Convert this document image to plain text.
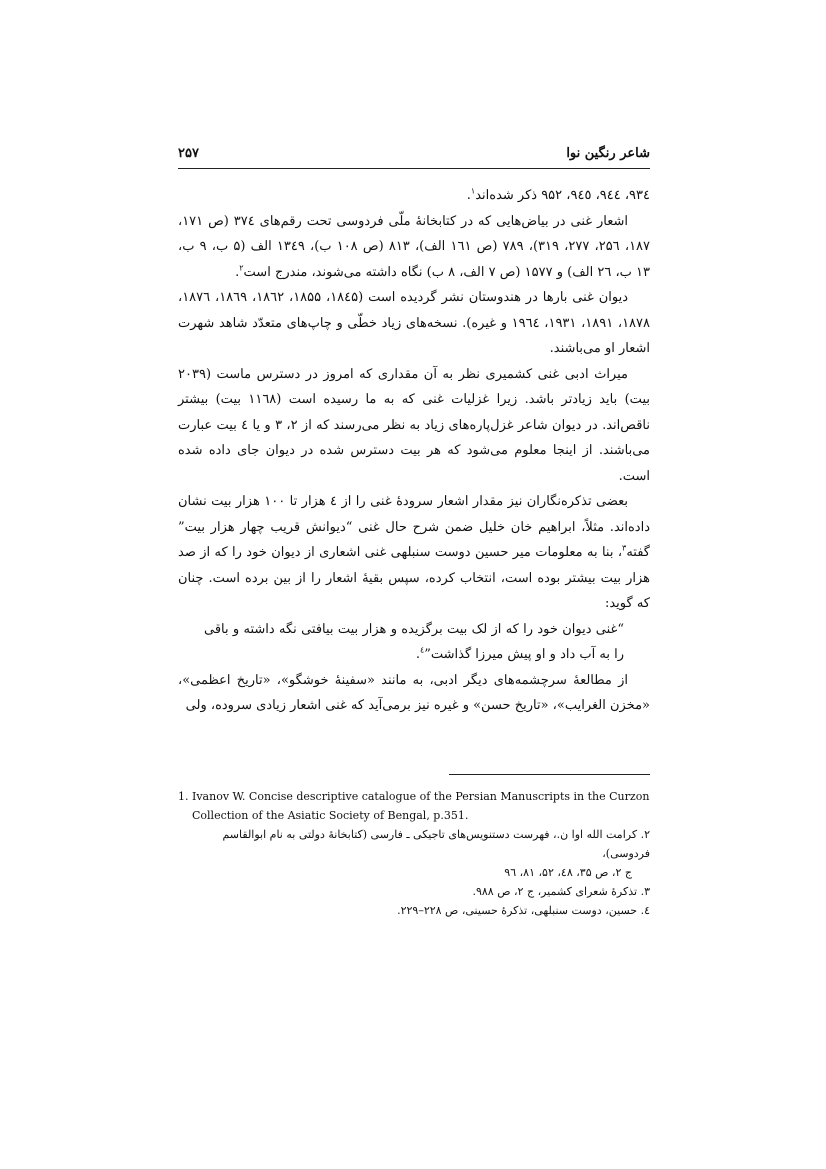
شاعر رنگین نوا
۲۵۷

۹۳٤، ۹٤٤، ۹٤٥، ۹۵۲ ذکر شده‌اند$^۱$.

اشعار غنی در بیاض‌هایی که در کتابخانهٔ ملّی فردوسی تحت رقم‌های ۳۷٤ (ص ۱۷۱، ۱۸۷، ۲۵٦، ۲۷۷، ۳۱۹)، ۷۸۹ (ص ۱٦۱ الف)، ۸۱۳ (ص ۱۰۸ ب)، ۱۳٤۹ الف (۵ ب، ۹ ب، ۱۳ ب، ۲٦ الف) و ۱۵۷۷ (ص ۷ الف، ۸ ب) نگاه داشته می‌شوند، مندرج است$^۲$.

دیوان غنی بارها در هندوستان نشر گردیده است (۱۸٤۵، ۱۸۵۵، ۱۸٦۲، ۱۸٦۹، ۱۸۷٦، ۱۸۷۸، ۱۸۹۱، ۱۹۳۱، ۱۹٦٤ و غیره). نسخه‌های زیاد خطّی و چاپ‌های متعدّد شاهد شهرت اشعار او می‌باشند.

میراث ادبی غنی کشمیری نظر به آن مقداری که امروز در دسترس ماست (۲۰۳۹ بیت) باید زیادتر باشد. زیرا غزلیات غنی که به ما رسیده است (۱۱٦۸ بیت) بیشتر ناقص‌اند. در دیوان شاعر غزل‌پاره‌های زیاد به نظر می‌رسند که از ۲، ۳ و یا ٤ بیت عبارت می‌باشند. از اینجا معلوم می‌شود که هر بیت دسترس شده در دیوان جای داده شده است.

بعضی تذکره‌نگاران نیز مقدار اشعار سرودهٔ غنی را از ٤ هزار تا ۱۰۰ هزار بیت نشان داده‌اند. مثلاً، ابراهیم خان خلیل ضمن شرح حال غنی “دیوانش قریب چهار هزار بیت” گفته$^۳$، بنا به معلومات میر حسین دوست سنبلهی غنی اشعاری از دیوان خود را که از صد هزار بیت بیشتر بوده است، انتخاب کرده، سپس بقیهٔ اشعار را از بین برده است. چنان که گوید:

“غنی دیوان خود را که از لک بیت برگزیده و هزار بیت بیافتی نگه داشته و باقی را به آب داد و او پیش میرزا گذاشت”$^٤$.

از مطالعهٔ سرچشمه‌های دیگر ادبی، به مانند «سفینهٔ خوشگو»، «تاریخ اعظمی»، «مخزن الغرایب»، «تاریخ حسن» و غیره نیز برمی‌آید که غنی اشعار زیادی سروده، ولی

1. Ivanov W. Concise descriptive catalogue of the Persian Manuscripts in the Curzon
Collection of the Asiatic Society of Bengal, p.351.

۲. کرامت الله اوا ن.، فهرست دستنویس‌های تاجیکی ـ فارسی (کتابخانهٔ دولتی به نام ابوالقاسم فردوسی)،
ج ۲، ص ۳۵، ٤۸، ۵۲، ۸۱، ۹٦

۳. تذکرهٔ شعرای کشمیر، ج ۲، ص ۹۸۸.

٤. حسین، دوست سنبلهی، تذکرهٔ حسینی، ص ۲۲۸–۲۲۹.
